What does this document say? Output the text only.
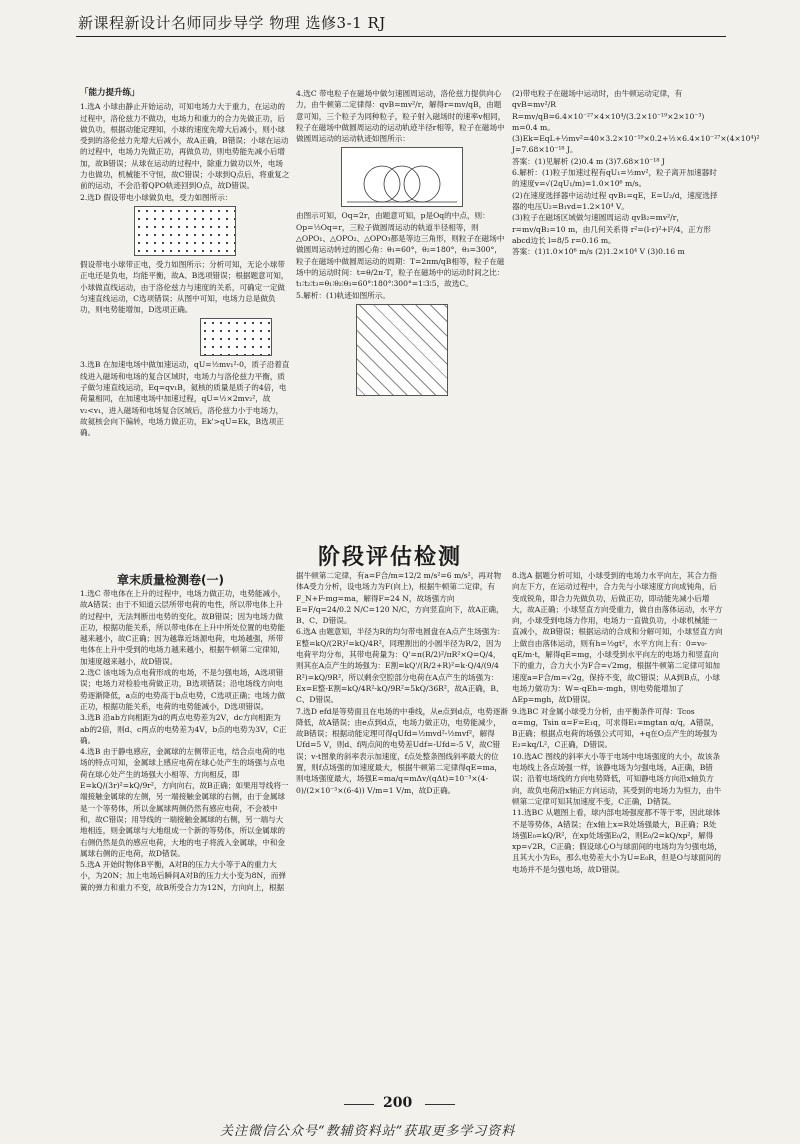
新课程新设计名师同步导学 物理 选修3-1 RJ
「能力提升练」

1.选A 小球由静止开始运动，可知电场力大于重力，在运动的过程中，洛伦兹力不做功，电场力和重力的合力先做正功，后做负功，根据动能定理知，小球的速度先增大后减小，则小球受到的洛伦兹力先增大后减小，故A正确，B错误；小球在运动的过程中，电场力先做正功，再做负功，则电势能先减小后增加，故B错误；从球在运动的过程中，除重力做功以外，电场力也做功，机械能不守恒，故C错误；小球到Q点后，将重复之前的运动，不会沿着QPO轨迹回到O点，故D错误。

2.选D 假设带电小球做负电，受力如图所示：

假设带电小球带正电，受力如图所示；分析可知，无论小球带正电还是负电，均能平衡，故A、B选项错误；根据题意可知，小球做直线运动，由于洛伦兹力与速度的关系，可确定一定做匀速直线运动，C选项错误；从图中可知，电场力总是做负功，则电势能增加，D选项正确。

3.选B 在加速电场中做加速运动，qU=½mv₁²-0，质子沿着直线进入磁场和电场的复合区域时，电场力与洛伦兹力平衡，质子做匀速直线运动，Eq=qv₁B，氦核的质量是质子的4倍，电荷量相同，在加速电场中加速过程，qU=½×2mv₂²，故v₂<v₁，进入磁场和电场复合区域后，洛伦兹力小于电场力，故氦核会向下偏转，电场力做正功，Ek'>qU=Ek，B选项正确。

4.选C 带电粒子在磁场中做匀速圆周运动，洛伦兹力提供向心力，由牛顿第二定律得：qvB=mv²/r，解得r=mv/qB，由题意可知，三个粒子为同种粒子，粒子射入磁场时的速率v相同，粒子在磁场中做圆周运动的运动轨迹半径r相等，粒子在磁场中做圆周运动的运动轨迹如图所示：

由图示可知，Oq=2r，由题意可知，p是Oq的中点，则：Op=½Oq=r，三粒子做圆周运动的轨道半径相等，则△OPO₁、△OPO₂、△OPO₃都是等边三角形，则粒子在磁场中做圆周运动转过的圆心角：θ₁=60°，θ₂=180°，θ₃=300°，粒子在磁场中做圆周运动的周期：T=2πm/qB相等，粒子在磁场中的运动时间：t=θ/2π·T，粒子在磁场中的运动时间之比：t₁∶t₂∶t₃=θ₁∶θ₂∶θ₃=60°∶180°∶300°=1∶3∶5，故选C。

5.解析：(1)轨迹如图所示。

(2)带电粒子在磁场中运动时，由牛顿运动定律，有 qvB=mv²/R

R=mv/qB=6.4×10⁻²⁷×4×10⁴/(3.2×10⁻¹⁹×2×10⁻³) m=0.4 m。

(3)Ek=EqL+½mv²=40×3.2×10⁻¹⁹×0.2+½×6.4×10⁻²⁷×(4×10⁴)² J=7.68×10⁻¹⁸ J。

答案：(1)见解析 (2)0.4 m (3)7.68×10⁻¹⁸ J

6.解析：(1)粒子加速过程有qU₁=½mv²，粒子离开加速器时的速度v=√(2qU₁/m)=1.0×10⁶ m/s。

(2)在速度选择器中运动过程 qvB₁=qE，E=U₂/d，速度选择器的电压U₂=B₁vd=1.2×10⁴ V。

(3)粒子在磁场区域做匀速圆周运动 qvB₂=mv²/r，r=mv/qB₂=10 m，由几何关系得 r²=(l-r)²+l²/4，正方形abcd边长 l=8/5 r=0.16 m。

答案：(1)1.0×10⁶ m/s (2)1.2×10⁴ V (3)0.16 m

阶段评估检测
章末质量检测卷(一)

1.选C 带电体在上升的过程中，电场力做正功，电势能减小，故A错误；由于不知道云层所带电荷的电性，所以带电体上升的过程中，无法判断出电势的变化，故B错误；因为电场力做正功，根据功能关系，所以带电体在上升中所处位置的电势能越来越小，故C正确；因为越靠近场源电荷，电场越强，所带电体在上升中受到的电场力越来越小，根据牛顿第二定律知，加速度越来越小，故D错误。

2.选C 该电场为点电荷形成的电场，不是匀强电场，A选项错误；电场力对检验电荷做正功，B选项错误；沿电场线方向电势逐渐降低，a点的电势高于b点电势，C选项正确；电场力做正功，根据功能关系，电荷的电势能减小，D选项错误。

3.选B 沿ab方向相距为d的两点电势差为2V，dc方向相距为ab的2倍，则d、c两点的电势差为4V，b点的电势为3V，C正确。

4.选B 由于静电感应，金属球的左侧带正电，结合点电荷的电场的特点可知，金属球上感应电荷在球心处产生的场强与点电荷在球心处产生的场强大小相等、方向相反，即E=kQ/(3r)²=kQ/9r²，方向向右，故B正确；如果用导线将一端接触金属球的左侧，另一端接触金属球的右侧，由于金属球是一个等势体，所以金属球两侧仍然有感应电荷，不会被中和，故C错误；用导线的一端接触金属球的右侧，另一端与大地相连，则金属球与大地组成一个新的等势体，所以金属球的右侧仍然是负的感应电荷，大地的电子将流入金属球，中和金属球右侧的正电荷，故D错误。

5.选A 开始时物体B平衡，A对B的压力大小等于A的重力大小，为20N；加上电场后瞬间A对B的压力大小变为8N，而弹簧的弹力和重力不变，故B所受合力为12N，方向向上，根据

据牛顿第二定律，有a=F合/m=12/2 m/s²=6 m/s²，再对物体A受力分析，设电场力为F(向上)，根据牛顿第二定律，有F_N+F-mg=ma，解得F=24 N，故场强方向E=F/q=24/0.2 N/C=120 N/C，方向竖直向下，故A正确，B、C、D错误。

6.选A 由题意知，半径为R的均匀带电圆盘在A点产生场强为：E整=kQ/(2R)²=kQ/4R²，同理割出的小圆半径为R/2，因为电荷平均分布，其带电荷量为：Q'=π(R/2)²/πR²×Q=Q/4，则其在A点产生的场强为：E割=kQ'/(R/2+R)²=k·Q/4/(9/4 R²)=kQ/9R²，所以剩余空腔部分电荷在A点产生的场强为：Ex=E整-E割=kQ/4R²-kQ/9R²=5kQ/36R²，故A正确，B、C、D错误。

7.选D efd是等势面且在电场的中垂线，从e点到d点，电势逐渐降低，故A错误；由e点到d点，电场力做正功，电势能减少，故B错误；根据动能定理可得qUfd=½mvd²-½mvf²，解得Ufd=5 V，则d、f两点间的电势差Udf=-Ufd=-5 V，故C错误；v-t图象的斜率表示加速度，f点处整条图线斜率最大的位置，则f点场强的加速度最大，根据牛顿第二定律得qE=ma，则电场强度最大，场强E=ma/q=mΔv/(qΔt)=10⁻³×(4-0)/(2×10⁻³×(6-4)) V/m=1 V/m，故D正确。

8.选A 据题分析可知，小球受到的电场力水平向左，其合力指向左下方，在运动过程中，合力先与小球速度方向成钝角，后变成锐角，即合力先做负功，后做正功，即动能先减小后增大，故A正确；小球竖直方向受重力，做自由落体运动，水平方向，小球受到电场力作用，电场力一直做负功，小球机械能一直减小，故B错误；根据运动的合成和分解可知，小球竖直方向上做自由落体运动，则有h=½gt²，水平方向上有：0=v₀-qE/m·t，解得qE=mg，小球受到水平向左的电场力和竖直向下的重力，合力大小为F合=√2mg，根据牛顿第二定律可知加速度a=F合/m=√2g，保持不变，故C错误；从A到B点，小球电场力做功为：W=-qEh=-mgh，则电势能增加了ΔEp=mgh，故D错误。

9.选BC 对金属小球受力分析，由平衡条件可得：Tcos α=mg，Tsin α=F=E₁q，可求得E₁=mgtan α/q，A错误，B正确；根据点电荷的场强公式可知，+q在O点产生的场强为E₂=kq/L²，C正确，D错误。

10.选AC 图线的斜率大小等于电场中电场强度的大小，故该条电场线上各点场强一样，该静电场为匀强电场，A正确，B错误；沿着电场线的方向电势降低，可知静电场方向沿x轴负方向，故负电荷沿x轴正方向运动，其受到的电场力为恒力，由牛顿第二定律可知其加速度不变，C正确，D错误。

11.选BC 从题图上看，球内部电场强度都不等于零，因此球体不是等势体，A错误；在x轴上x=R处场强最大，B正确；R处场强E₀=kQ/R²，在xp处场强E₀/2，则E₀/2=kQ/xp²，解得xp=√2R，C正确；假设球心O与球面间的电场均为匀强电场，且其大小为E₀，那么电势差大小为U=E₀R，但是O与球面间的电场并不是匀强电场，故D错误。

200
关注微信公众号“教辅资料站”获取更多学习资料
